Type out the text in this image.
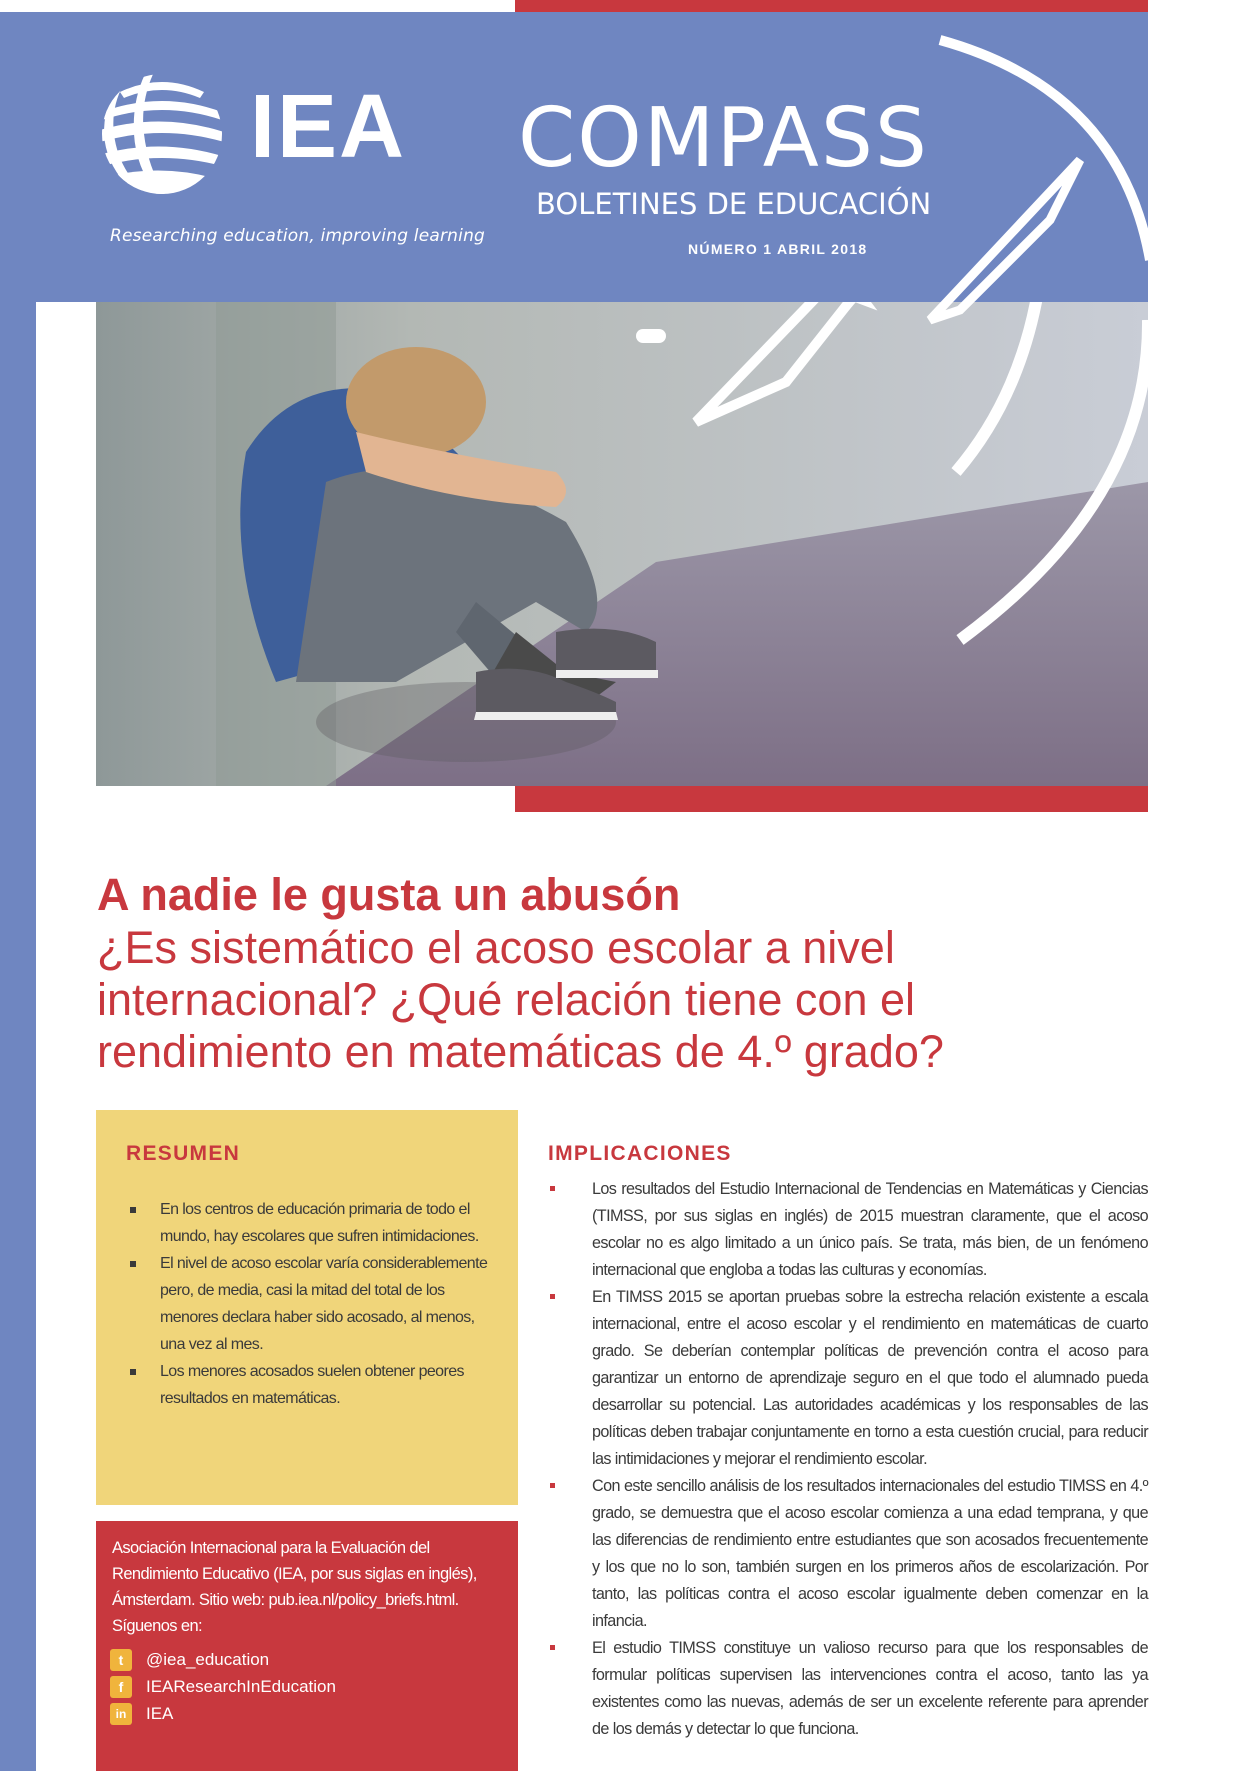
IEA
Researching education, improving learning
COMPASS
BOLETINES DE EDUCACIÓN
NÚMERO 1 ABRIL 2018
A nadie le gusta un abusón
¿Es sistemático el acoso escolar a nivel internacional? ¿Qué relación tiene con el rendimiento en matemáticas de 4.º grado?
RESUMEN
En los centros de educación primaria de todo el mundo, hay escolares que sufren intimidaciones.
El nivel de acoso escolar varía considerablemente pero, de media, casi la mitad del total de los menores declara haber sido acosado, al menos, una vez al mes.
Los menores acosados suelen obtener peores resultados en matemáticas.
Asociación Internacional para la Evaluación del Rendimiento Educativo (IEA, por sus siglas en inglés), Ámsterdam. Sitio web: pub.iea.nl/policy_briefs.html. Síguenos en:
t	@iea_education
f	IEAResearchInEducation
in	IEA
IMPLICACIONES
Los resultados del Estudio Internacional de Tendencias en Matemáticas y Ciencias (TIMSS, por sus siglas en inglés) de 2015 muestran claramente, que el acoso escolar no es algo limitado a un único país. Se trata, más bien, de un fenómeno internacional que engloba a todas las culturas y economías.
En TIMSS 2015 se aportan pruebas sobre la estrecha relación existente a escala internacional, entre el acoso escolar y el rendimiento en matemáticas de cuarto grado. Se deberían contemplar políticas de prevención contra el acoso para garantizar un entorno de aprendizaje seguro en el que todo el alumnado pueda desarrollar su potencial. Las autoridades académicas y los responsables de las políticas deben trabajar conjuntamente en torno a esta cuestión crucial, para reducir las intimidaciones y mejorar el rendimiento escolar.
Con este sencillo análisis de los resultados internacionales del estudio TIMSS en 4.º grado, se demuestra que el acoso escolar comienza a una edad temprana, y que las diferencias de rendimiento entre estudiantes que son acosados frecuentemente y los que no lo son, también surgen en los primeros años de escolarización. Por tanto, las políticas contra el acoso escolar igualmente deben comenzar en la infancia.
El estudio TIMSS constituye un valioso recurso para que los responsables de formular políticas supervisen las intervenciones contra el acoso, tanto las ya existentes como las nuevas, además de ser un excelente referente para aprender de los demás y detectar lo que funciona.
